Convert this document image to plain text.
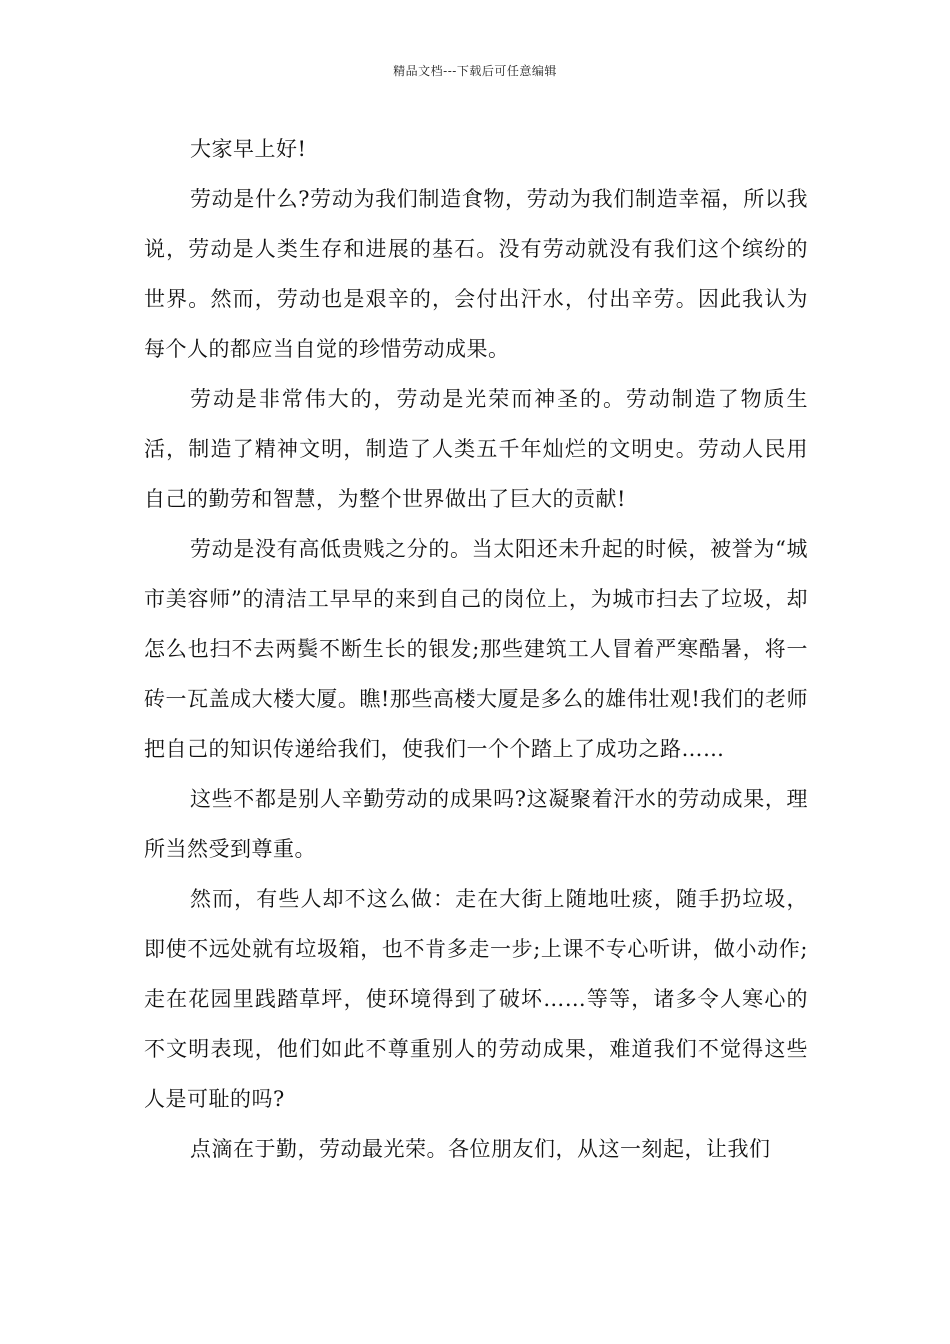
精品文档---下载后可任意编辑

大家早上好!

劳动是什么?劳动为我们制造食物，劳动为我们制造幸福，所以我说，劳动是人类生存和进展的基石。没有劳动就没有我们这个缤纷的世界。然而，劳动也是艰辛的，会付出汗水，付出辛劳。因此我认为每个人的都应当自觉的珍惜劳动成果。

劳动是非常伟大的，劳动是光荣而神圣的。劳动制造了物质生活，制造了精神文明，制造了人类五千年灿烂的文明史。劳动人民用自己的勤劳和智慧，为整个世界做出了巨大的贡献!

劳动是没有高低贵贱之分的。当太阳还未升起的时候，被誉为“城市美容师”的清洁工早早的来到自己的岗位上，为城市扫去了垃圾，却怎么也扫不去两鬓不断生长的银发;那些建筑工人冒着严寒酷暑，将一砖一瓦盖成大楼大厦。瞧!那些高楼大厦是多么的雄伟壮观!我们的老师把自己的知识传递给我们，使我们一个个踏上了成功之路……

这些不都是别人辛勤劳动的成果吗?这凝聚着汗水的劳动成果，理所当然受到尊重。

然而，有些人却不这么做：走在大街上随地吐痰，随手扔垃圾，即使不远处就有垃圾箱，也不肯多走一步;上课不专心听讲，做小动作;走在花园里践踏草坪，使环境得到了破坏……等等，诸多令人寒心的不文明表现，他们如此不尊重别人的劳动成果，难道我们不觉得这些人是可耻的吗?

点滴在于勤，劳动最光荣。各位朋友们，从这一刻起，让我们
